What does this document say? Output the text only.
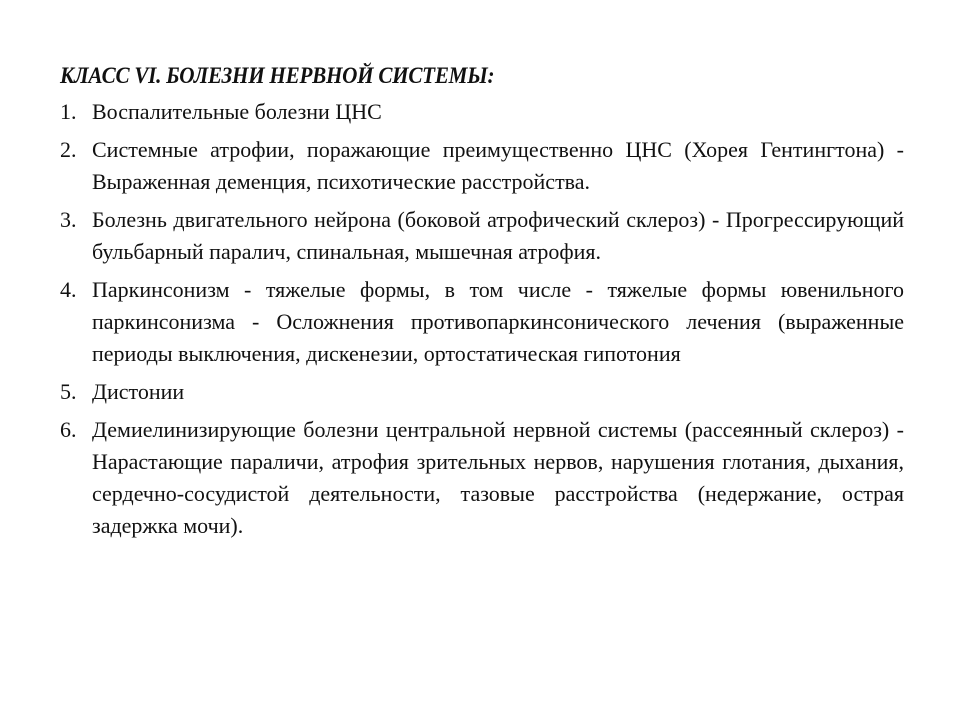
КЛАСС VI. БОЛЕЗНИ НЕРВНОЙ СИСТЕМЫ:
1. Воспалительные болезни ЦНС
2. Системные атрофии, поражающие преимущественно ЦНС (Хорея Гентингтона) - Выраженная деменция, психотические расстройства.
3. Болезнь двигательного нейрона (боковой атрофический склероз) - Прогрессирующий бульбарный паралич, спинальная, мышечная атрофия.
4. Паркинсонизм - тяжелые формы, в том числе - тяжелые формы ювенильного паркинсонизма - Осложнения противопаркинсонического лечения (выраженные периоды выключения, дискенезии, ортостатическая гипотония
5. Дистонии
6. Демиелинизирующие болезни центральной нервной системы (рассеянный склероз) - Нарастающие параличи, атрофия зрительных нервов, нарушения глотания, дыхания, сердечно-сосудистой деятельности, тазовые расстройства (недержание, острая задержка мочи).
